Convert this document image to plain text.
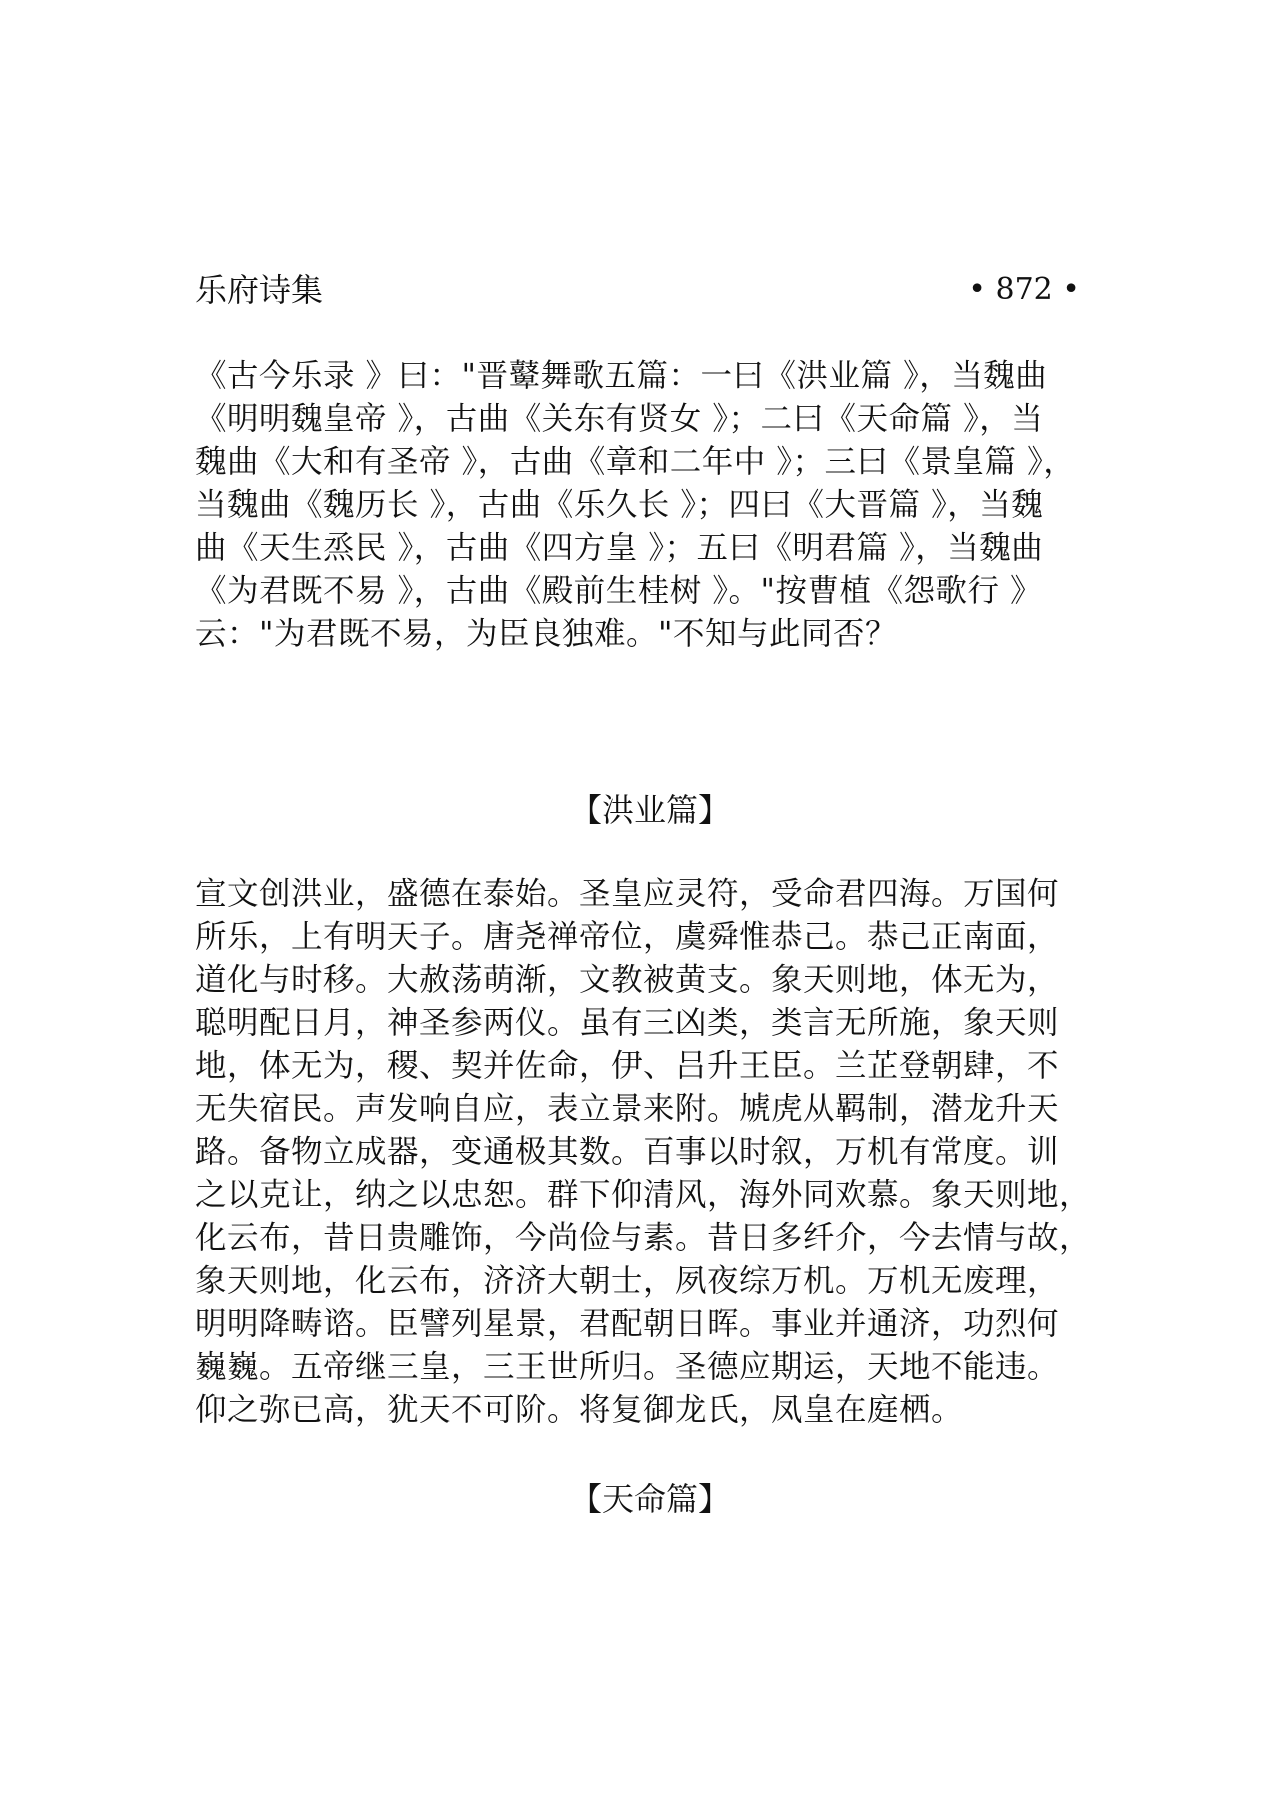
乐府诗集	• 872 •
《古今乐录 》曰："晋鼙舞歌五篇：一曰《洪业篇 》，当魏曲
《明明魏皇帝 》，古曲《关东有贤女 》；二曰《天命篇 》，当
魏曲《大和有圣帝 》，古曲《章和二年中 》；三曰《景皇篇 》，
当魏曲《魏历长 》，古曲《乐久长 》；四曰《大晋篇 》，当魏
曲《天生烝民 》，古曲《四方皇 》；五曰《明君篇 》，当魏曲
《为君既不易 》，古曲《殿前生桂树 》。"按曹植《怨歌行 》
云："为君既不易，为臣良独难。"不知与此同否？
【洪业篇】
宣文创洪业，盛德在泰始。圣皇应灵符，受命君四海。万国何
所乐，上有明天子。唐尧禅帝位，虞舜惟恭己。恭己正南面，
道化与时移。大赦荡萌渐，文教被黄支。象天则地，体无为，
聪明配日月，神圣参两仪。虽有三凶类，类言无所施，象天则
地，体无为，稷、契并佐命，伊、吕升王臣。兰芷登朝肆，不
无失宿民。声发响自应，表立景来附。虓虎从羁制，潜龙升天
路。备物立成器，变通极其数。百事以时叙，万机有常度。训
之以克让，纳之以忠恕。群下仰清风，海外同欢慕。象天则地，
化云布，昔日贵雕饰，今尚俭与素。昔日多纤介，今去情与故，
象天则地，化云布，济济大朝士，夙夜综万机。万机无废理，
明明降畴谘。臣譬列星景，君配朝日晖。事业并通济，功烈何
巍巍。五帝继三皇，三王世所归。圣德应期运，天地不能违。
仰之弥已高，犹天不可阶。将复御龙氏，凤皇在庭栖。
【天命篇】
